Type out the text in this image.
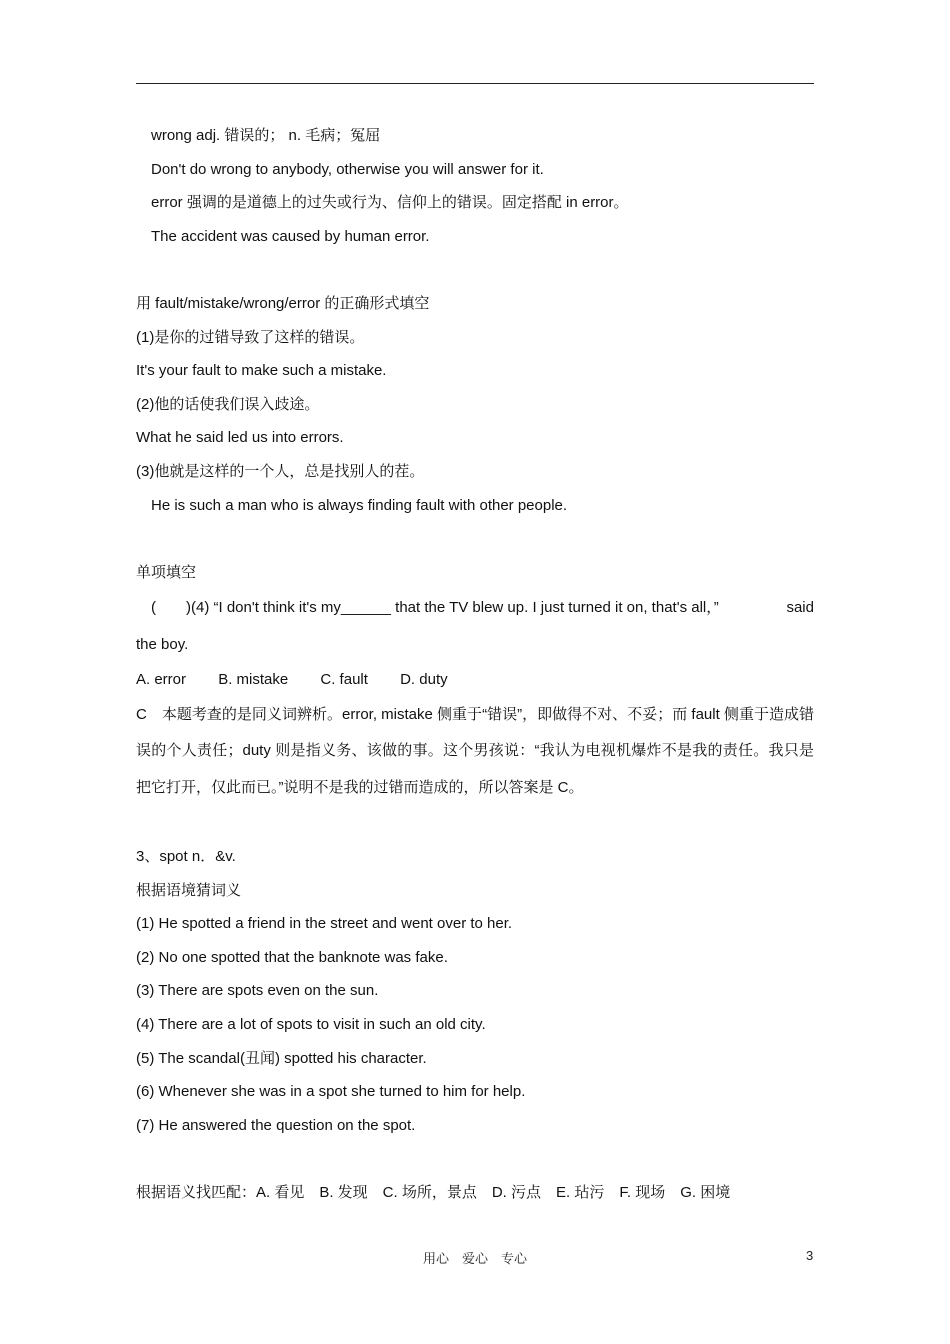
wrong adj. 错误的； n. 毛病；冤屈
Don't do wrong to anybody, otherwise you will answer for it.
error 强调的是道德上的过失或行为、信仰上的错误。固定搭配 in error。
The accident was caused by human error.
用 fault/mistake/wrong/error 的正确形式填空
(1)是你的过错导致了这样的错误。
It's your fault to make such a mistake.
(2)他的话使我们误入歧途。
What he said led us into errors.
(3)他就是这样的一个人，总是找别人的茬。
He is such a man who is always finding fault with other people.
单项填空
(　　)(4) “I don't think it's my______ that the TV blew up. I just turned it on, that's all，”	said
the boy.
A. error B. mistake C. fault D. duty
C　本题考查的是同义词辨析。error, mistake 侧重于“错误”，即做得不对、不妥；而 fault 侧重于造成错误的个人责任；duty 则是指义务、该做的事。这个男孩说：“我认为电视机爆炸不是我的责任。我只是把它打开，仅此而已。”说明不是我的过错而造成的，所以答案是 C。
3、spot n．&v.
根据语境猜词义
(1) He spotted a friend in the street and went over to her.
(2) No one spotted that the banknote was fake.
(3) There are spots even on the sun.
(4) There are a lot of spots to visit in such an old city.
(5) The scandal(丑闻) spotted his character.
(6) Whenever she was in a spot she turned to him for help.
(7) He answered the question on the spot.
根据语义找匹配：A. 看见　B. 发现　C. 场所，景点　D. 污点　E. 玷污　F. 现场　G. 困境
用心　爱心　专心	3
